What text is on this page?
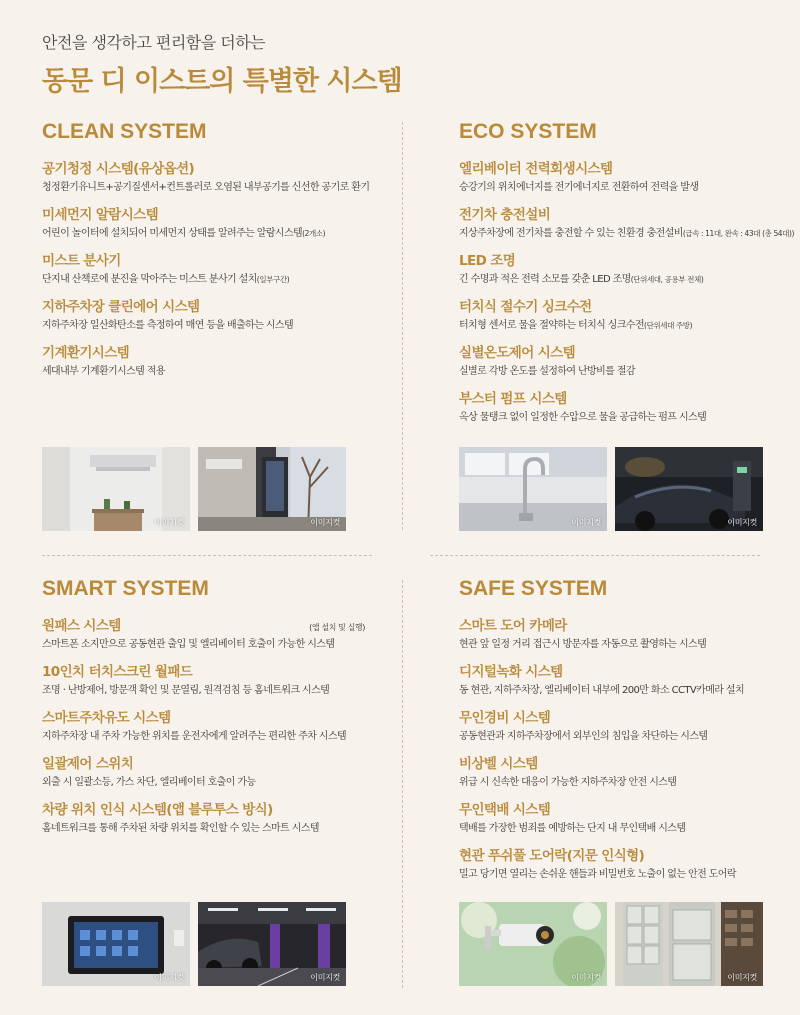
안전을 생각하고 편리함을 더하는
동문 디 이스트의 특별한 시스템
CLEAN SYSTEM
공기청정 시스템(유상옵션)
청정환기유니트+공기질센서+컨트롤러로 오염된 내부공기를 신선한 공기로 환기
미세먼지 알람시스템
어린이 놀이터에 설치되어 미세먼지 상태를 알려주는 알람시스템(2개소)
미스트 분사기
단지내 산책로에 분진을 막아주는 미스트 분사기 설치(일부구간)
지하주차장 클린에어 시스템
지하주차장 일산화탄소를 측정하여 매연 등을 배출하는 시스템
기계환기시스템
세대내부 기계환기시스템 적용
이미지컷	이미지컷
ECO SYSTEM
엘리베이터 전력회생시스템
승강기의 위치에너지를 전기에너지로 전환하여 전력을 발생
전기차 충전설비
지상주차장에 전기차를 충전할 수 있는 친환경 충전설비(급속 : 11대, 완속 : 43대 (총 54대))
LED 조명
긴 수명과 적은 전력 소모를 갖춘 LED 조명(단위세대, 공용부 전체)
터치식 절수기 싱크수전
터치형 센서로 물을 절약하는 터치식 싱크수전(단위세대 주방)
실별온도제어 시스템
실별로 각방 온도를 설정하여 난방비를 절감
부스터 펌프 시스템
옥상 물탱크 없이 일정한 수압으로 물을 공급하는 펌프 시스템
이미지컷	이미지컷
SMART SYSTEM
원패스 시스템	(앱 설치 및 실행)
스마트폰 소지만으로 공동현관 출입 및 엘리베이터 호출이 가능한 시스템
10인치 터치스크린 월패드
조명 · 난방제어, 방문객 확인 및 문열림, 원격검침 등 홈네트워크 시스템
스마트주차유도 시스템
지하주차장 내 주차 가능한 위치를 운전자에게 알려주는 편리한 주차 시스템
일괄제어 스위치
외출 시 일괄소등, 가스 차단, 엘리베이터 호출이 가능
차량 위치 인식 시스템(앱 블루투스 방식)
홈네트워크를 통해 주차된 차량 위치를 확인할 수 있는 스마트 시스템
이미지컷	이미지컷
SAFE SYSTEM
스마트 도어 카메라
현관 앞 일정 거리 접근시 방문자를 자동으로 촬영하는 시스템
디지털녹화 시스템
동 현관, 지하주차장, 엘리베이터 내부에 200만 화소 CCTV카메라 설치
무인경비 시스템
공동현관과 지하주차장에서 외부인의 침입을 차단하는 시스템
비상벨 시스템
위급 시 신속한 대응이 가능한 지하주차장 안전 시스템
무인택배 시스템
택배를 가장한 범죄를 예방하는 단지 내 무인택배 시스템
현관 푸쉬풀 도어락(지문 인식형)
밀고 당기면 열리는 손쉬운 핸들과 비밀번호 노출이 없는 안전 도어락
이미지컷	이미지컷
